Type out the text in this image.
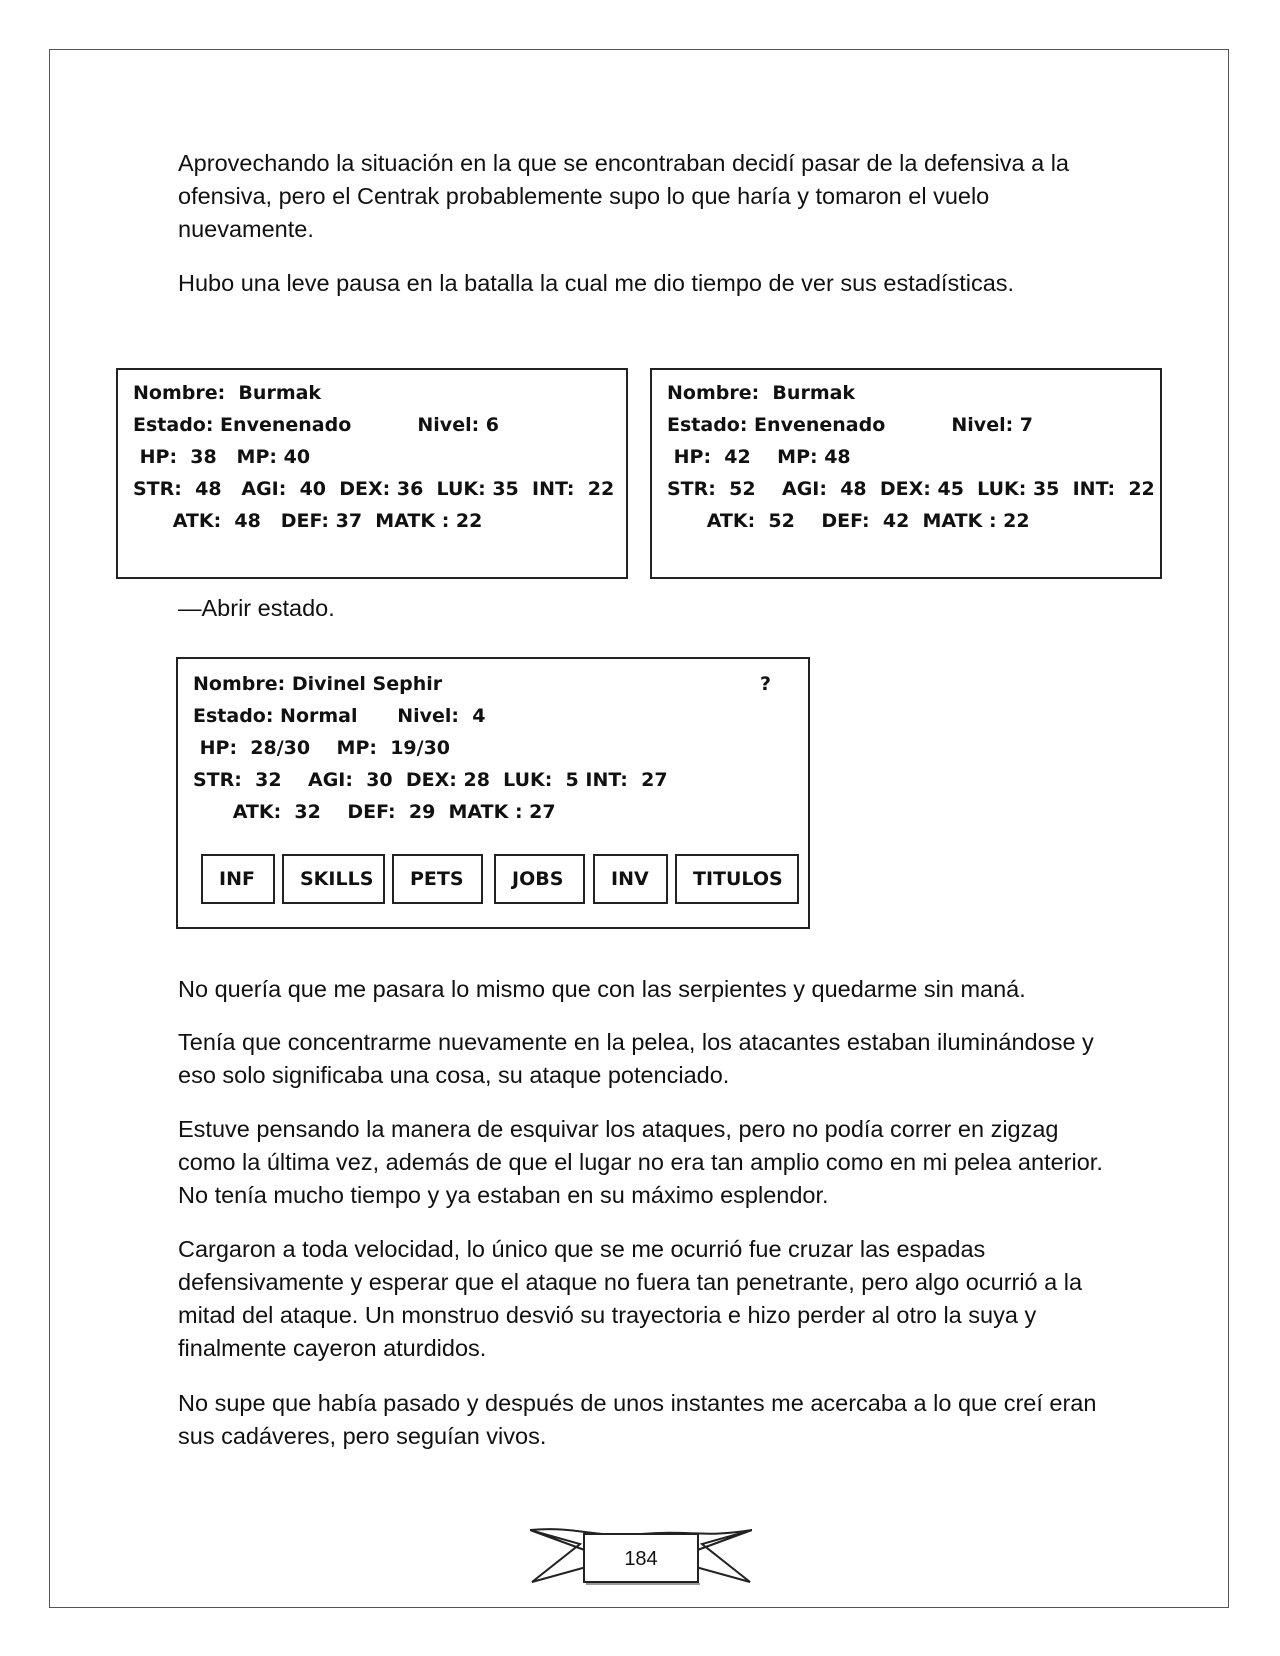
Aprovechando la situación en la que se encontraban decidí pasar de la defensiva a la ofensiva, pero el Centrak probablemente supo lo que haría y tomaron el vuelo nuevamente.

Hubo una leve pausa en la batalla la cual me dio tiempo de ver sus estadísticas.

Nombre:  Burmak
Estado: Envenenado          Nivel: 6
HP:  38   MP: 40
STR:  48   AGI:  40  DEX: 36  LUK: 35  INT:  22
ATK:  48   DEF: 37  MATK : 22
Nombre:  Burmak
Estado: Envenenado          Nivel: 7
HP:  42    MP: 48
STR:  52    AGI:  48  DEX: 45  LUK: 35  INT:  22
ATK:  52    DEF:  42  MATK : 22

—Abrir estado.

Nombre: Divinel Sephir	?
Estado: Normal      Nivel:  4
HP:  28/30    MP:  19/30
STR:  32    AGI:  30  DEX: 28  LUK:  5 INT:  27
ATK:  32    DEF:  29  MATK : 27
INF	SKILLS	PETS	JOBS	INV	TITULOS

No quería que me pasara lo mismo que con las serpientes y quedarme sin maná.

Tenía que concentrarme nuevamente en la pelea, los atacantes estaban iluminándose y eso solo significaba una cosa, su ataque potenciado.

Estuve pensando la manera de esquivar los ataques, pero no podía correr en zigzag como la última vez, además de que el lugar no era tan amplio como en mi pelea anterior. No tenía mucho tiempo y ya estaban en su máximo esplendor.

Cargaron a toda velocidad, lo único que se me ocurrió fue cruzar las espadas defensivamente y esperar que el ataque no fuera tan penetrante, pero algo ocurrió a la mitad del ataque. Un monstruo desvió su trayectoria e hizo perder al otro la suya y finalmente cayeron aturdidos.

No supe que había pasado y después de unos instantes me acercaba a lo que creí eran sus cadáveres, pero seguían vivos.

184
